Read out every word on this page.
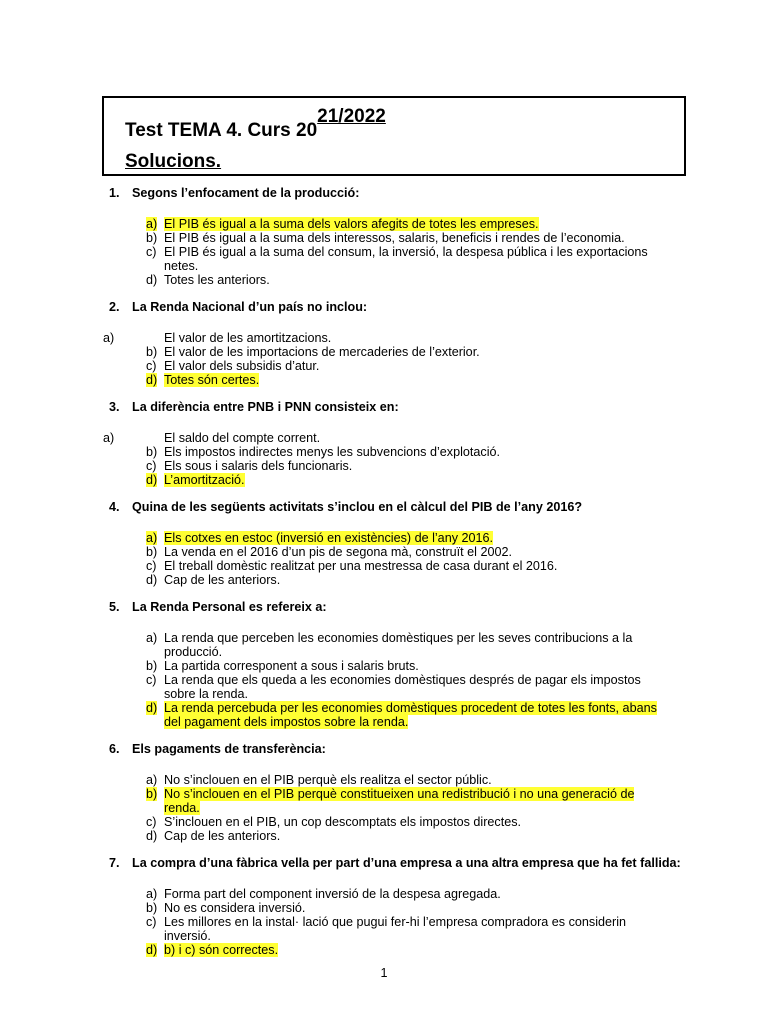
Test TEMA 4. Curs 2021/2022
Solucions.
1. Segons l’enfocament de la producció:
a) El PIB és igual a la suma dels valors afegits de totes les empreses.
b) El PIB és igual a la suma dels interessos, salaris, beneficis i rendes de l’economia.
c) El PIB és igual a la suma del consum, la inversió, la despesa pública i les exportacions netes.
d) Totes les anteriors.
2. La Renda Nacional d’un país no inclou:
a)	El valor de les amortitzacions.
b) El valor de les importacions de mercaderies de l’exterior.
c) El valor dels subsidis d’atur.
d) Totes són certes.
3. La diferència entre PNB i PNN consisteix en:
a)	El saldo del compte corrent.
b) Els impostos indirectes menys les subvencions d’explotació.
c) Els sous i salaris dels funcionaris.
d) L’amortització.
4. Quina de les següents activitats s’inclou en el càlcul del PIB de l’any 2016?
a) Els cotxes en estoc (inversió en existències) de l’any 2016.
b) La venda en el 2016 d’un pis de segona mà, construït el 2002.
c) El treball domèstic realitzat per una mestressa de casa durant el 2016.
d) Cap de les anteriors.
5. La Renda Personal es refereix a:
a) La renda que perceben les economies domèstiques per les seves contribucions a la producció.
b) La partida corresponent a sous i salaris bruts.
c) La renda que els queda a les economies domèstiques després de pagar els impostos sobre la renda.
d) La renda percebuda per les economies domèstiques procedent de totes les fonts, abans del pagament dels impostos sobre la renda.
6. Els pagaments de transferència:
a) No s’inclouen en el PIB perquè els realitza el sector públic.
b) No s’inclouen en el PIB perquè constitueixen una redistribució i no una generació de renda.
c) S’inclouen en el PIB, un cop descomptats els impostos directes.
d) Cap de les anteriors.
7. La compra d’una fàbrica vella per part d’una empresa a una altra empresa que ha fet fallida:
a) Forma part del component inversió de la despesa agregada.
b) No es considera inversió.
c) Les millores en la instal· lació que pugui fer-hi l’empresa compradora es considerin inversió.
d) b) i c) són correctes.
1
